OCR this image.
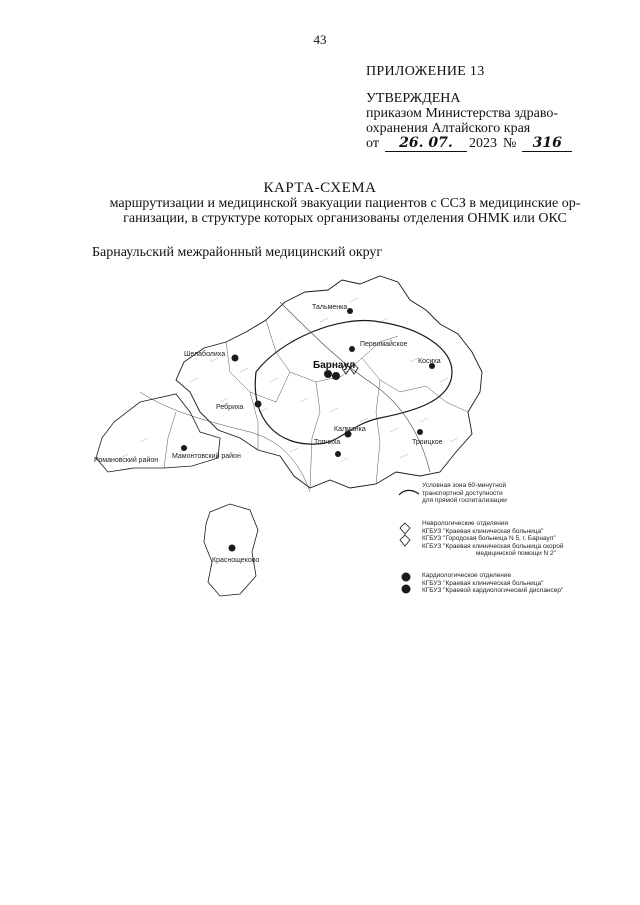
43
ПРИЛОЖЕНИЕ 13
УТВЕРЖДЕНА
приказом Министерства здраво-
охранения Алтайского края
от	26. 07.	2023 №	316
КАРТА-СХЕМА
маршрутизации и медицинской эвакуации пациентов с ССЗ в медицинские ор-ганизации, в структуре которых организованы отделения ОНМК или ОКС
Барнаульский межрайонный медицинский округ
Тальменка
Шелаболиха
Барнаул
Первомайское
Косиха
Ребриха
Калманка
Топчиха	Троицкое
Мамонтовский район
Романовский район
Краснощеково
Условная зона 60-минутной
транспортной доступности
для прямой госпитализации
Неврологические отделения
КГБУЗ "Краевая клиническая больница"
КГБУЗ "Городская больница N 5, г. Барнаул"
КГБУЗ "Краевая клиническая больница скорой
медицинской помощи N 2"
Кардиологическое отделение
КГБУЗ "Краевая клиническая больница"
КГБУЗ "Краевой кардиологический диспансер"
